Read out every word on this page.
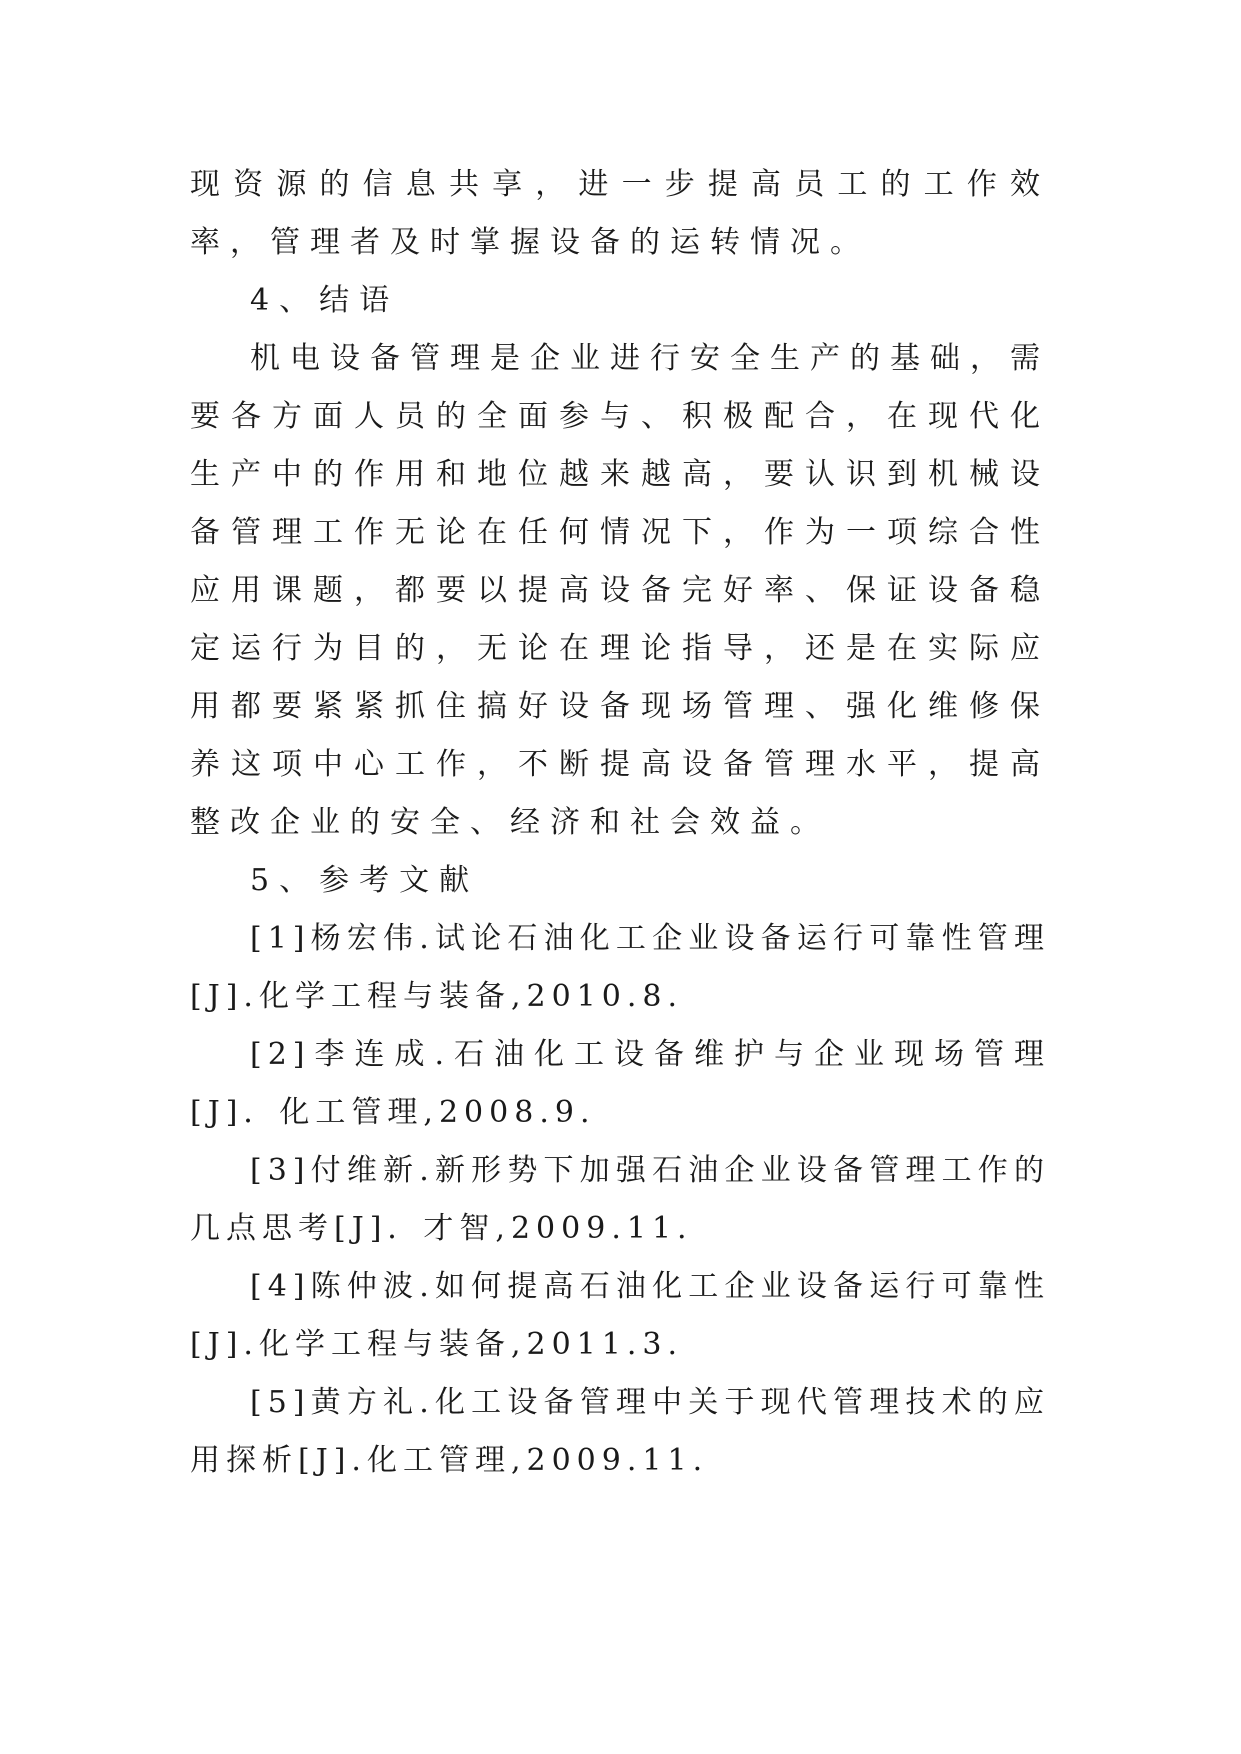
现资源的信息共享，进一步提高员工的工作效率，管理者及时掌握设备的运转情况。

4、结语

机电设备管理是企业进行安全生产的基础，需要各方面人员的全面参与、积极配合，在现代化生产中的作用和地位越来越高，要认识到机械设备管理工作无论在任何情况下，作为一项综合性应用课题，都要以提高设备完好率、保证设备稳定运行为目的，无论在理论指导，还是在实际应用都要紧紧抓住搞好设备现场管理、强化维修保养这项中心工作，不断提高设备管理水平，提高整改企业的安全、经济和社会效益。

5、参考文献

[1]杨宏伟.试论石油化工企业设备运行可靠性管理[J].化学工程与装备,2010.8.

[2]李连成.石油化工设备维护与企业现场管理[J]．化工管理,2008.9.

[3]付维新.新形势下加强石油企业设备管理工作的几点思考[J]．才智,2009.11.

[4]陈仲波.如何提高石油化工企业设备运行可靠性[J].化学工程与装备,2011.3.

[5]黄方礼.化工设备管理中关于现代管理技术的应用探析[J].化工管理,2009.11.
